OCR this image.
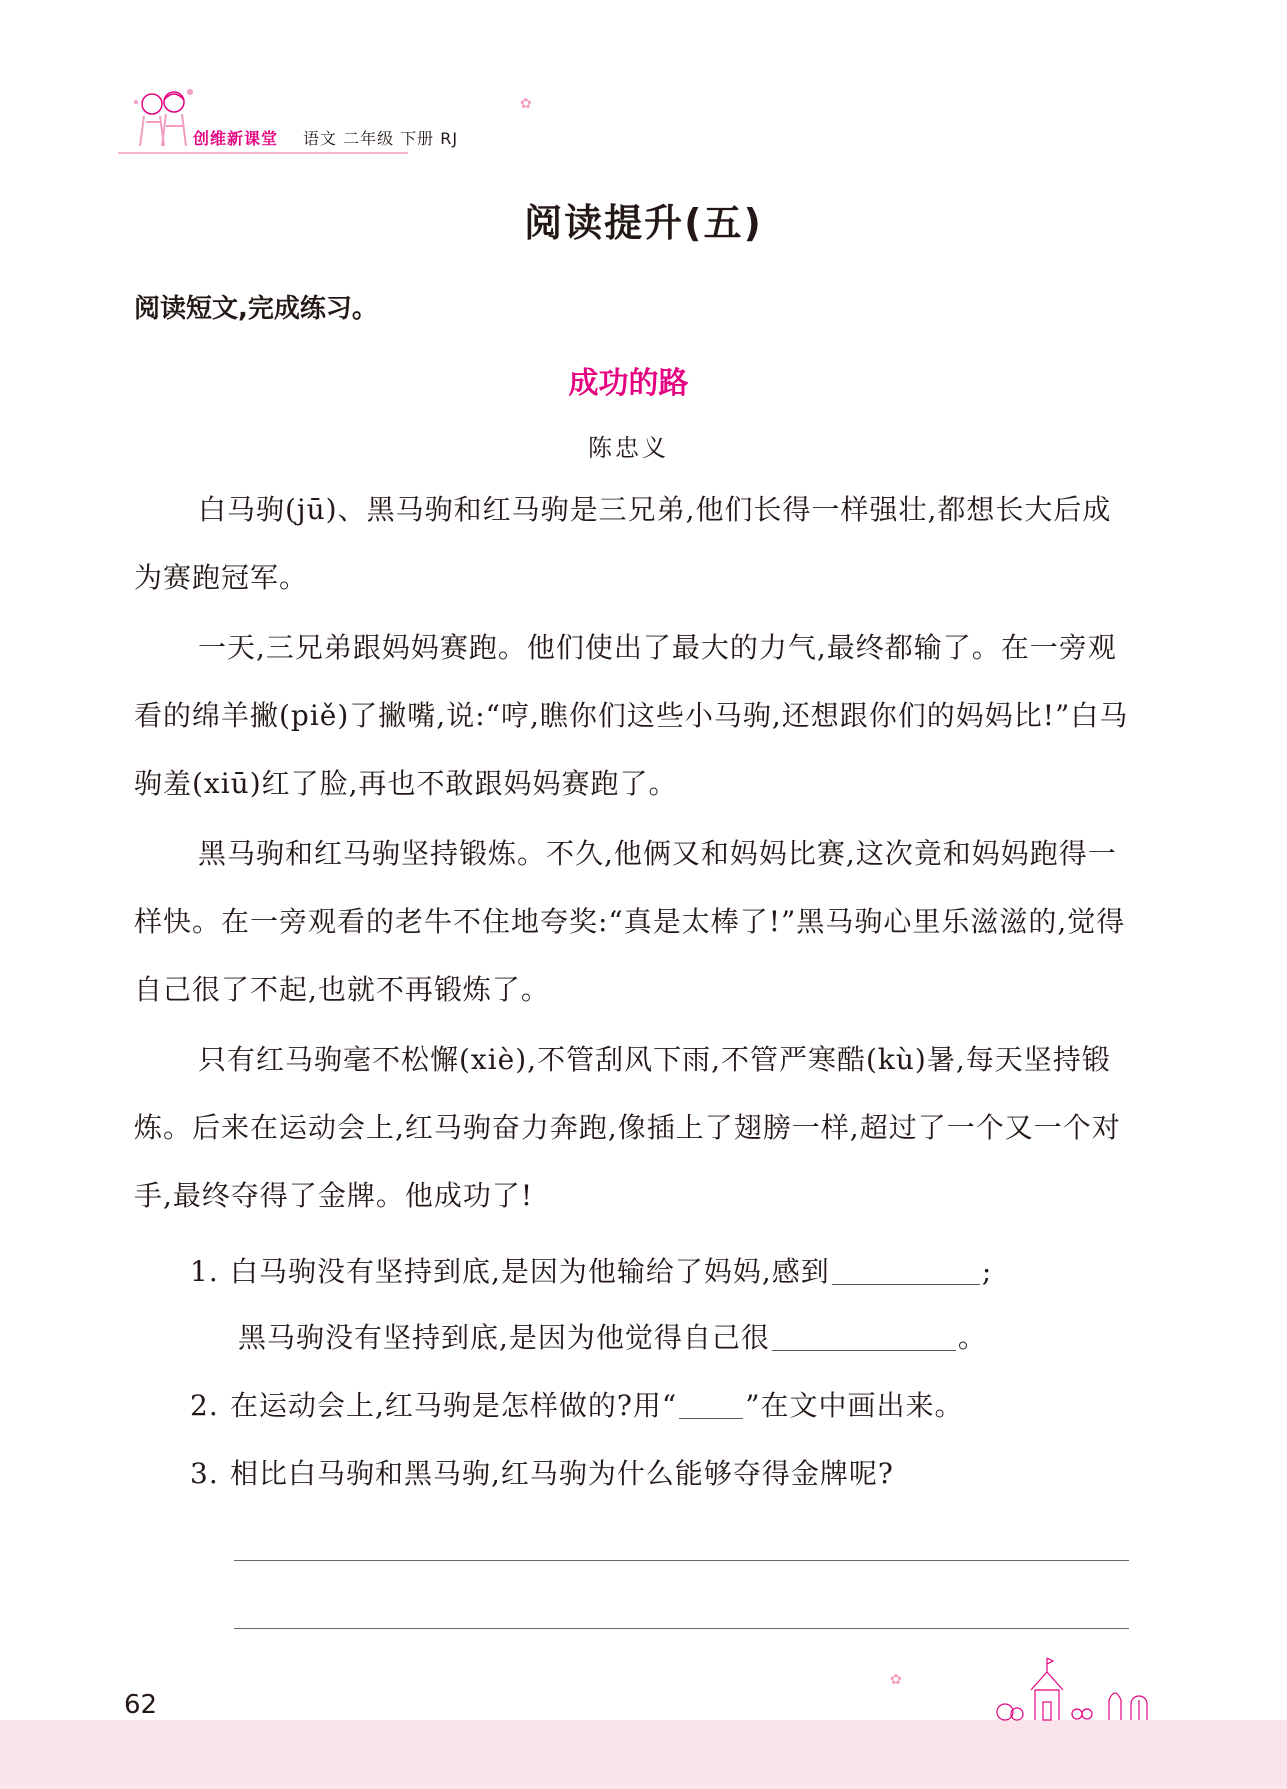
创维新课堂 语文 二年级 下册 RJ
✿
阅读提升(五)
阅读短文,完成练习。
成功的路
陈忠义
白马驹(jū)、黑马驹和红马驹是三兄弟,他们长得一样强壮,都想长大后成为赛跑冠军。
一天,三兄弟跟妈妈赛跑。他们使出了最大的力气,最终都输了。在一旁观看的绵羊撇(piě)了撇嘴,说:“哼,瞧你们这些小马驹,还想跟你们的妈妈比!”白马驹羞(xiū)红了脸,再也不敢跟妈妈赛跑了。
黑马驹和红马驹坚持锻炼。不久,他俩又和妈妈比赛,这次竟和妈妈跑得一样快。在一旁观看的老牛不住地夸奖:“真是太棒了!”黑马驹心里乐滋滋的,觉得自己很了不起,也就不再锻炼了。
只有红马驹毫不松懈(xiè),不管刮风下雨,不管严寒酷(kù)暑,每天坚持锻炼。后来在运动会上,红马驹奋力奔跑,像插上了翅膀一样,超过了一个又一个对手,最终夺得了金牌。他成功了!
1. 白马驹没有坚持到底,是因为他输给了妈妈,感到	;
黑马驹没有坚持到底,是因为他觉得自己很	。
2. 在运动会上,红马驹是怎样做的?用“ ”在文中画出来。
3. 相比白马驹和黑马驹,红马驹为什么能够夺得金牌呢?
62
✿
